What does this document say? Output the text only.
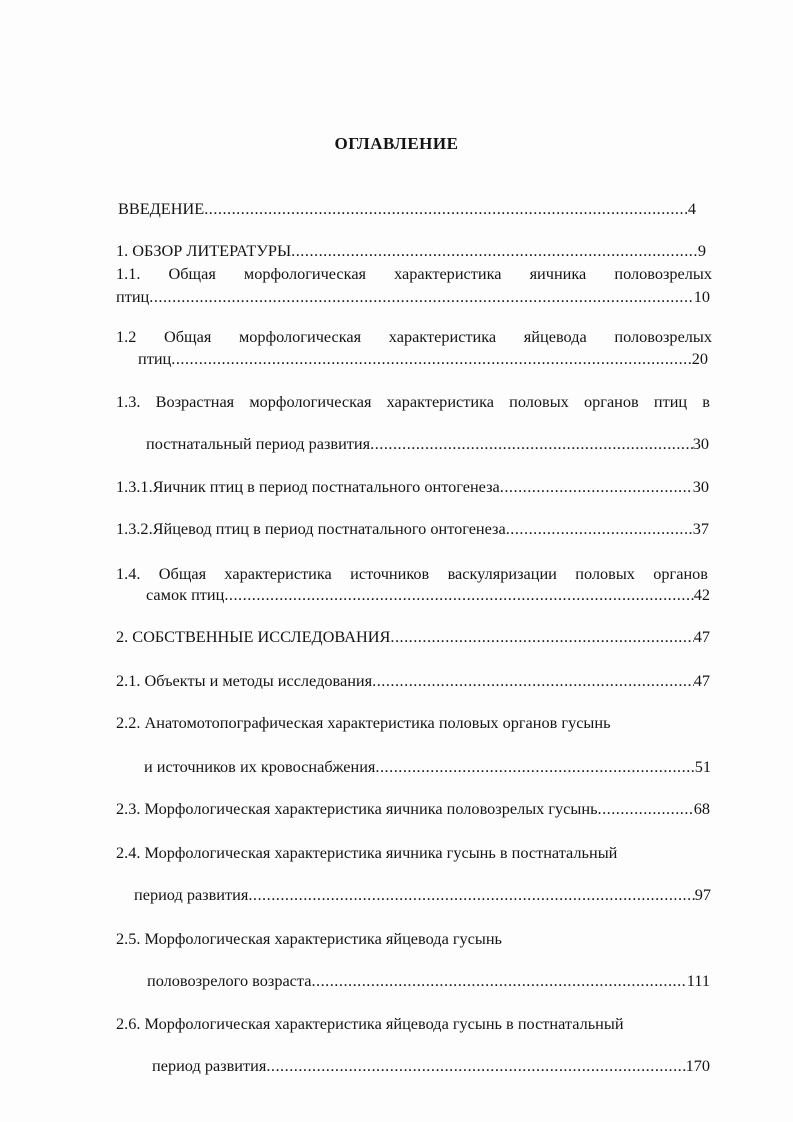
ОГЛАВЛЕНИЕ
ВВЕДЕНИЕ .....	4
1. ОБЗОР ЛИТЕРАТУРЫ .....	9
1.1. Общая морфологическая характеристика яичника половозрелых
птиц .....	10
1.2 Общая морфологическая характеристика яйцевода половозрелых
птиц .....	20
1.3. Возрастная морфологическая характеристика половых органов птиц в
постнатальный период развития .....	30
1.3.1.Яичник птиц в период постнатального онтогенеза .....	30
1.3.2.Яйцевод птиц в период постнатального онтогенеза .....	37
1.4. Общая характеристика источников васкуляризации половых органов
самок птиц .....	42
2. СОБСТВЕННЫЕ ИССЛЕДОВАНИЯ .....	47
2.1. Объекты и методы исследования .....	47
2.2. Анатомотопографическая характеристика половых органов гусынь
и источников их кровоснабжения .....	51
2.3. Морфологическая характеристика яичника половозрелых гусынь .....	68
2.4. Морфологическая характеристика яичника гусынь в постнатальный
период развития .....	97
2.5. Морфологическая характеристика яйцевода гусынь
половозрелого возраста .....	111
2.6. Морфологическая характеристика яйцевода гусынь в постнатальный
период развития .....	170
